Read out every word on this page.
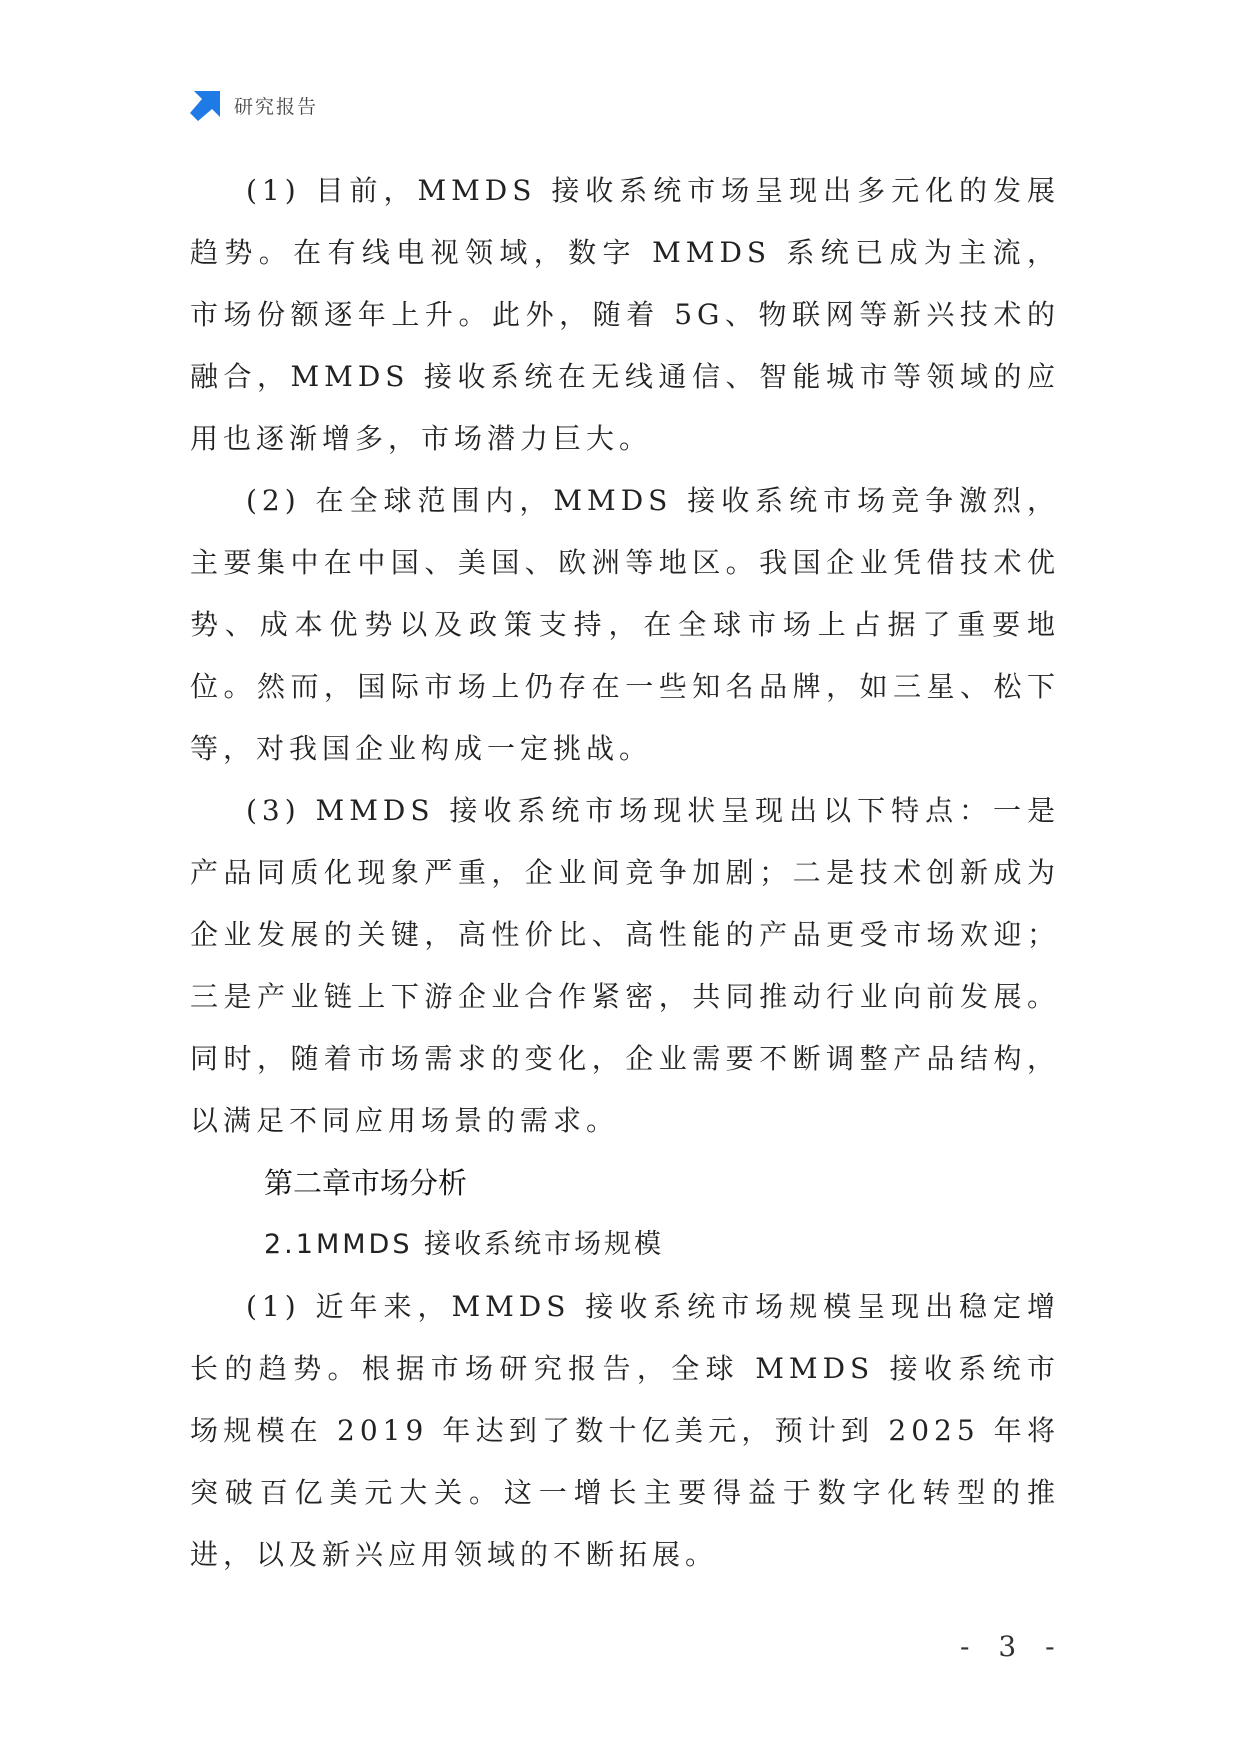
研究报告

(1) 目前，MMDS 接收系统市场呈现出多元化的发展趋势。在有线电视领域，数字 MMDS 系统已成为主流，市场份额逐年上升。此外，随着 5G、物联网等新兴技术的融合，MMDS 接收系统在无线通信、智能城市等领域的应用也逐渐增多，市场潜力巨大。

(2) 在全球范围内，MMDS 接收系统市场竞争激烈，主要集中在中国、美国、欧洲等地区。我国企业凭借技术优势、成本优势以及政策支持，在全球市场上占据了重要地位。然而，国际市场上仍存在一些知名品牌，如三星、松下等，对我国企业构成一定挑战。

(3) MMDS 接收系统市场现状呈现出以下特点：一是产品同质化现象严重，企业间竞争加剧；二是技术创新成为企业发展的关键，高性价比、高性能的产品更受市场欢迎；三是产业链上下游企业合作紧密，共同推动行业向前发展。同时，随着市场需求的变化，企业需要不断调整产品结构，以满足不同应用场景的需求。

第二章市场分析

2.1MMDS 接收系统市场规模

(1) 近年来，MMDS 接收系统市场规模呈现出稳定增长的趋势。根据市场研究报告，全球 MMDS 接收系统市场规模在 2019 年达到了数十亿美元，预计到 2025 年将突破百亿美元大关。这一增长主要得益于数字化转型的推进，以及新兴应用领域的不断拓展。

- 3 -
